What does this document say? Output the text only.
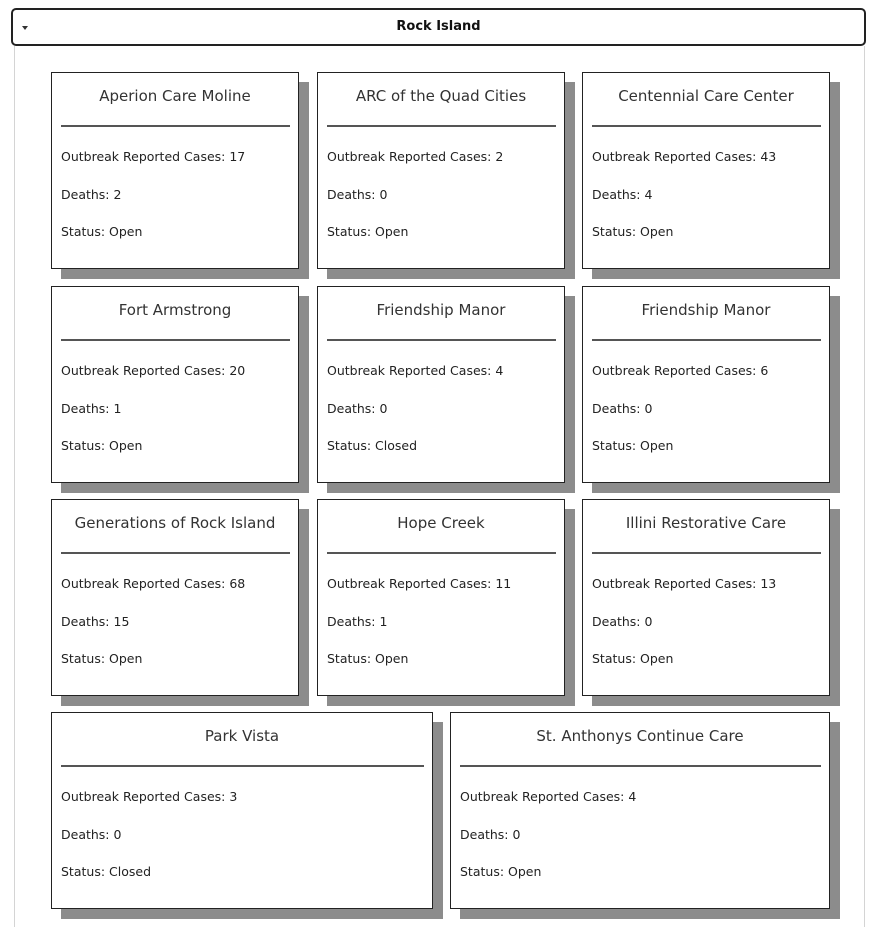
Rock Island
Aperion Care Moline
Outbreak Reported Cases: 17
Deaths: 2
Status: Open
ARC of the Quad Cities
Outbreak Reported Cases: 2
Deaths: 0
Status: Open
Centennial Care Center
Outbreak Reported Cases: 43
Deaths: 4
Status: Open
Fort Armstrong
Outbreak Reported Cases: 20
Deaths: 1
Status: Open
Friendship Manor
Outbreak Reported Cases: 4
Deaths: 0
Status: Closed
Friendship Manor
Outbreak Reported Cases: 6
Deaths: 0
Status: Open
Generations of Rock Island
Outbreak Reported Cases: 68
Deaths: 15
Status: Open
Hope Creek
Outbreak Reported Cases: 11
Deaths: 1
Status: Open
Illini Restorative Care
Outbreak Reported Cases: 13
Deaths: 0
Status: Open
Park Vista
Outbreak Reported Cases: 3
Deaths: 0
Status: Closed
St. Anthonys Continue Care
Outbreak Reported Cases: 4
Deaths: 0
Status: Open
